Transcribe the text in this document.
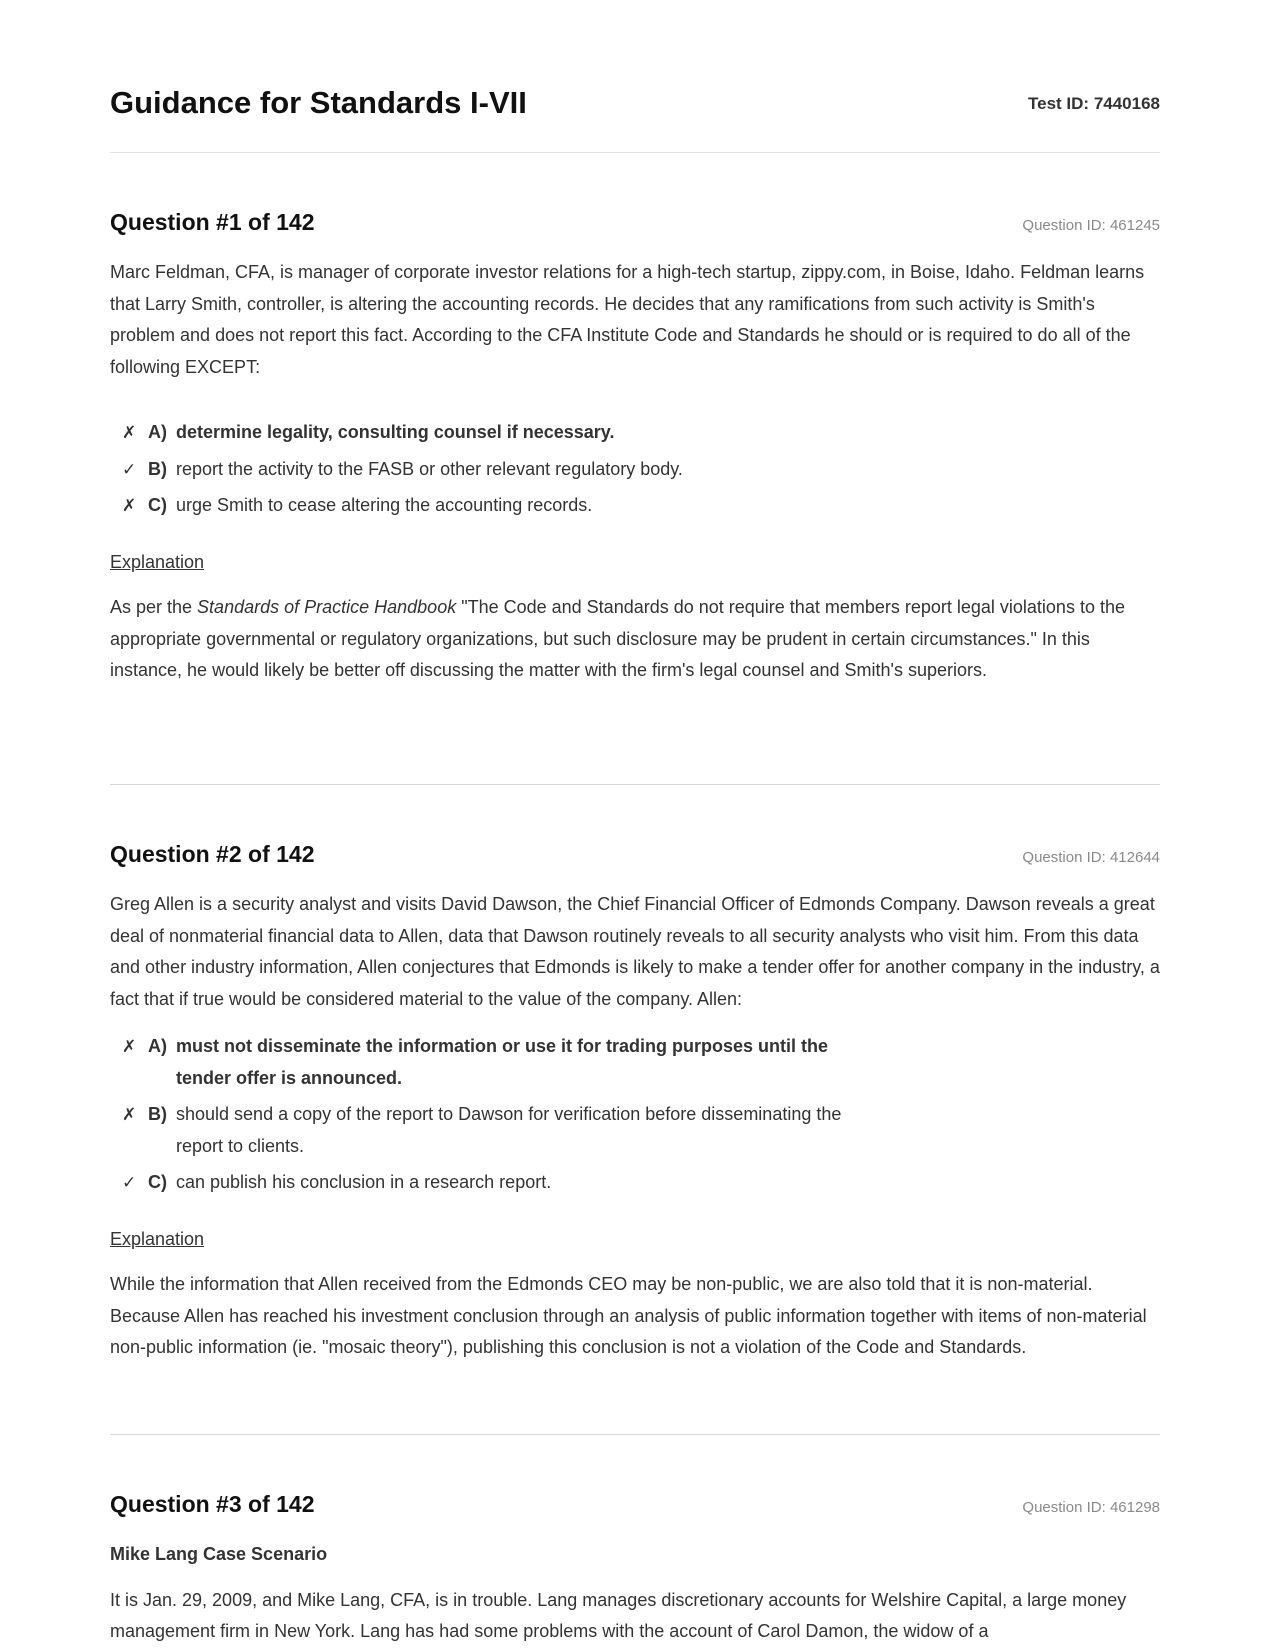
Guidance for Standards I-VII	Test ID: 7440168
Question #1 of 142	Question ID: 461245

Marc Feldman, CFA, is manager of corporate investor relations for a high-tech startup, zippy.com, in Boise, Idaho. Feldman learns that Larry Smith, controller, is altering the accounting records. He decides that any ramifications from such activity is Smith's problem and does not report this fact. According to the CFA Institute Code and Standards he should or is required to do all of the following EXCEPT:

✗ A) determine legality, consulting counsel if necessary.
✓ B) report the activity to the FASB or other relevant regulatory body.
✗ C) urge Smith to cease altering the accounting records.

Explanation

As per the Standards of Practice Handbook "The Code and Standards do not require that members report legal violations to the appropriate governmental or regulatory organizations, but such disclosure may be prudent in certain circumstances." In this instance, he would likely be better off discussing the matter with the firm's legal counsel and Smith's superiors.

Question #2 of 142	Question ID: 412644

Greg Allen is a security analyst and visits David Dawson, the Chief Financial Officer of Edmonds Company. Dawson reveals a great deal of nonmaterial financial data to Allen, data that Dawson routinely reveals to all security analysts who visit him. From this data and other industry information, Allen conjectures that Edmonds is likely to make a tender offer for another company in the industry, a fact that if true would be considered material to the value of the company. Allen:

✗ A) must not disseminate the information or use it for trading purposes until the tender offer is announced.
✗ B) should send a copy of the report to Dawson for verification before disseminating the report to clients.
✓ C) can publish his conclusion in a research report.

Explanation

While the information that Allen received from the Edmonds CEO may be non-public, we are also told that it is non-material. Because Allen has reached his investment conclusion through an analysis of public information together with items of non-material non-public information (ie. "mosaic theory"), publishing this conclusion is not a violation of the Code and Standards.

Question #3 of 142	Question ID: 461298

Mike Lang Case Scenario

It is Jan. 29, 2009, and Mike Lang, CFA, is in trouble. Lang manages discretionary accounts for Welshire Capital, a large money management firm in New York. Lang has had some problems with the account of Carol Damon, the widow of a
